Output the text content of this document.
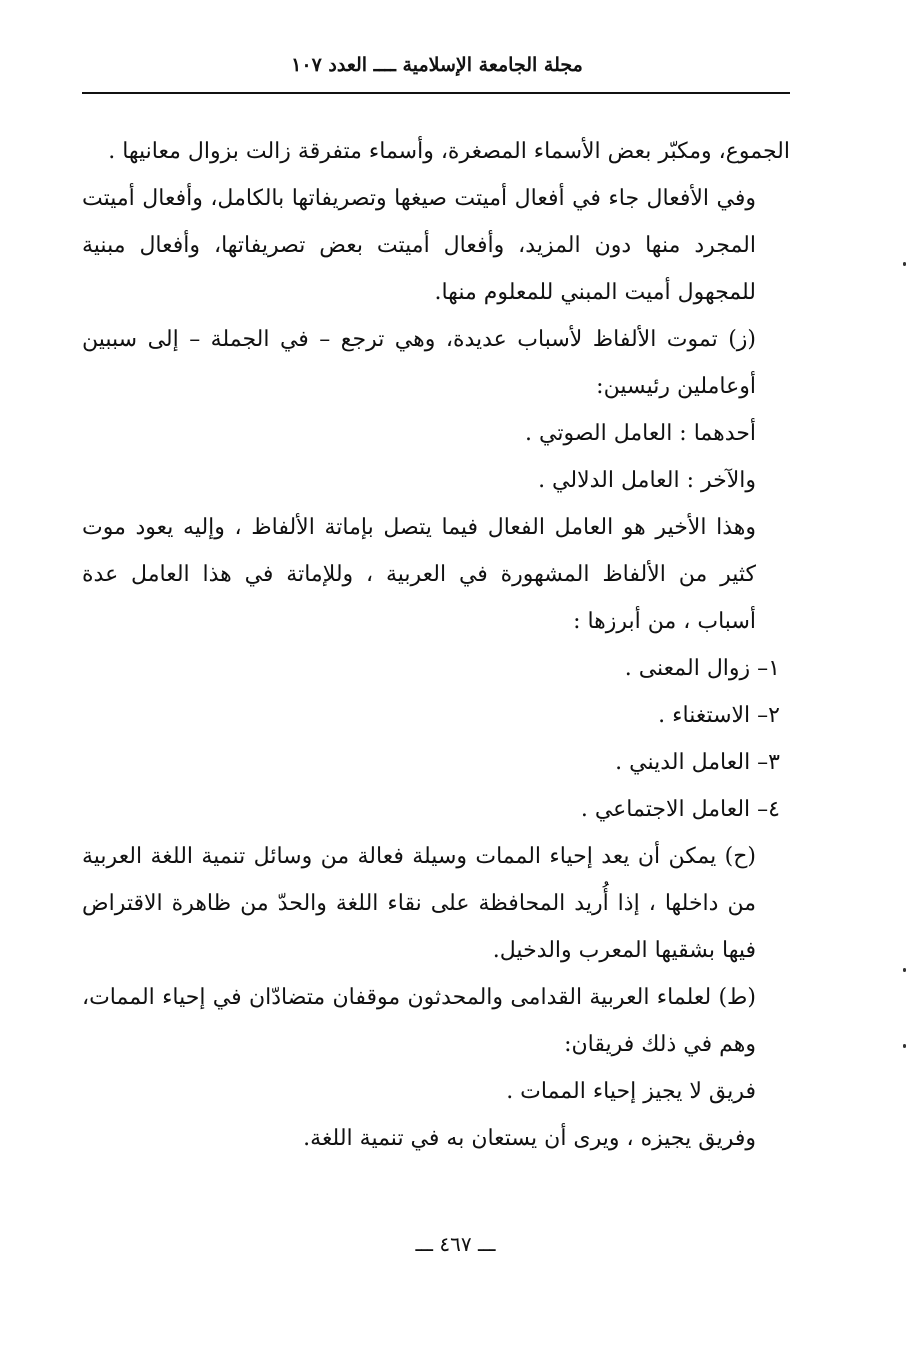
مجلة الجامعة الإسلامية ــــ العدد ١٠٧

الجموع، ومكبّر بعض الأسماء المصغرة، وأسماء متفرقة زالت بزوال معانيها .

وفي الأفعال جاء في أفعال أميتت صيغها وتصريفاتها بالكامل، وأفعال أميتت المجرد منها دون المزيد، وأفعال أميتت بعض تصريفاتها، وأفعال مبنية للمجهول أميت المبني للمعلوم منها.

(ز) تموت الألفاظ لأسباب عديدة، وهي ترجع – في الجملة – إلى سببين أوعاملين رئيسين:

أحدهما : العامل الصوتي .

والآخر : العامل الدلالي .

وهذا الأخير هو العامل الفعال فيما يتصل بإماتة الألفاظ ، وإليه يعود موت كثير من الألفاظ المشهورة في العربية ، وللإماتة في هذا العامل عدة أسباب ، من أبرزها :

١– زوال المعنى .

٢– الاستغناء .

٣– العامل الديني .

٤– العامل الاجتماعي .

(ح) يمكن أن يعد إحياء الممات وسيلة فعالة من وسائل تنمية اللغة العربية من داخلها ، إذا أُريد المحافظة على نقاء اللغة والحدّ من ظاهرة الاقتراض فيها بشقيها المعرب والدخيل.

(ط) لعلماء العربية القدامى والمحدثون موقفان متضادّان في إحياء الممات، وهم في ذلك فريقان:

فريق لا يجيز إحياء الممات .

وفريق يجيزه ، ويرى أن يستعان به في تنمية اللغة.

ـــ ٤٦٧ ـــ
